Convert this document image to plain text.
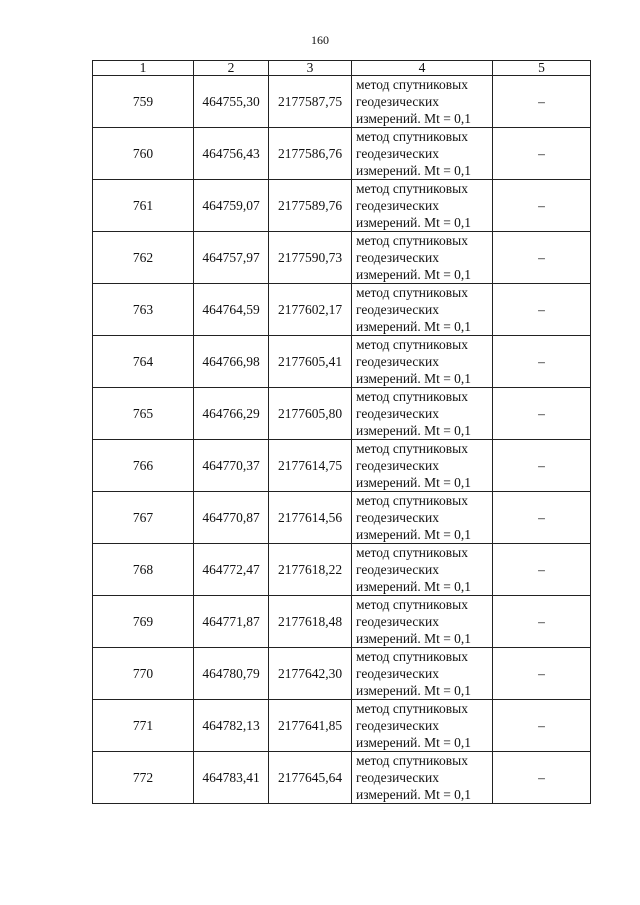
160
1	2	3	4	5
759	464755,30	2177587,75	метод спутниковых
геодезических
измерений. Mt = 0,1	–
760	464756,43	2177586,76	метод спутниковых
геодезических
измерений. Mt = 0,1	–
761	464759,07	2177589,76	метод спутниковых
геодезических
измерений. Mt = 0,1	–
762	464757,97	2177590,73	метод спутниковых
геодезических
измерений. Mt = 0,1	–
763	464764,59	2177602,17	метод спутниковых
геодезических
измерений. Mt = 0,1	–
764	464766,98	2177605,41	метод спутниковых
геодезических
измерений. Mt = 0,1	–
765	464766,29	2177605,80	метод спутниковых
геодезических
измерений. Mt = 0,1	–
766	464770,37	2177614,75	метод спутниковых
геодезических
измерений. Mt = 0,1	–
767	464770,87	2177614,56	метод спутниковых
геодезических
измерений. Mt = 0,1	–
768	464772,47	2177618,22	метод спутниковых
геодезических
измерений. Mt = 0,1	–
769	464771,87	2177618,48	метод спутниковых
геодезических
измерений. Mt = 0,1	–
770	464780,79	2177642,30	метод спутниковых
геодезических
измерений. Mt = 0,1	–
771	464782,13	2177641,85	метод спутниковых
геодезических
измерений. Mt = 0,1	–
772	464783,41	2177645,64	метод спутниковых
геодезических
измерений. Mt = 0,1	–
